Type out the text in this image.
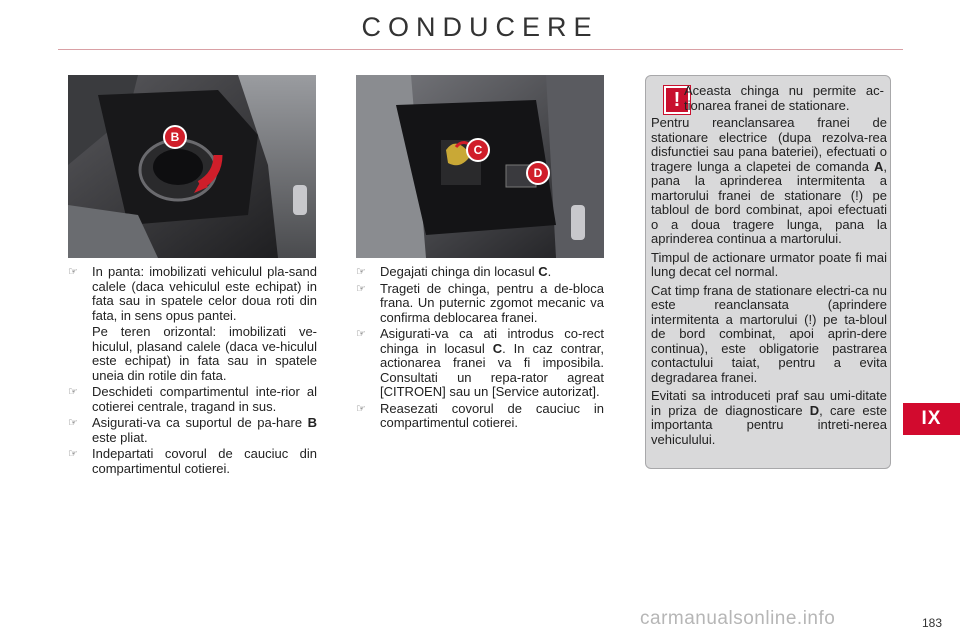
CONDUCERE
B
C
D
☞	In panta: imobilizati vehiculul pla-sand calele (daca vehiculul este echipat) in fata sau in spatele celor doua roti din fata, in sens opus pantei.
Pe teren orizontal: imobilizati ve-hiculul, plasand calele (daca ve-hiculul este echipat) in fata sau in spatele uneia din rotile din fata.
☞	Deschideti compartimentul inte-rior al cotierei centrale, tragand in sus.
☞	Asigurati-va ca suportul de pa-hare B este pliat.
☞	Indepartati covorul de cauciuc din compartimentul cotierei.
☞	Degajati chinga din locasul C.
☞	Trageti de chinga, pentru a de-bloca frana. Un puternic zgomot mecanic va confirma deblocarea franei.
☞	Asigurati-va ca ati introdus co-rect chinga in locasul C. In caz contrar, actionarea franei va fi imposibila. Consultati un repa-rator agreat [CITROEN] sau un [Service autorizat].
☞	Reasezati covorul de cauciuc in compartimentul cotierei.
! Aceasta chinga nu permite ac-tionarea franei de stationare.

Pentru reanclansarea franei de stationare electrice (dupa rezolva-rea disfunctiei sau pana bateriei), efectuati o tragere lunga a clapetei de comanda A, pana la aprinderea intermitenta a martorului franei de stationare (!) pe tabloul de bord combinat, apoi efectuati o a doua tragere lunga, pana la aprinderea continua a martorului.

Timpul de actionare urmator poate fi mai lung decat cel normal.

Cat timp frana de stationare electri-ca nu este reanclansata (aprindere intermitenta a martorului (!) pe ta-bloul de bord combinat, apoi aprin-dere continua), este obligatorie pastrarea contactului taiat, pentru a evita degradarea franei.

Evitati sa introduceti praf sau umi-ditate in priza de diagnosticare D, care este importanta pentru intreti-nerea vehiculului.

IX
183
carmanualsonline.info
